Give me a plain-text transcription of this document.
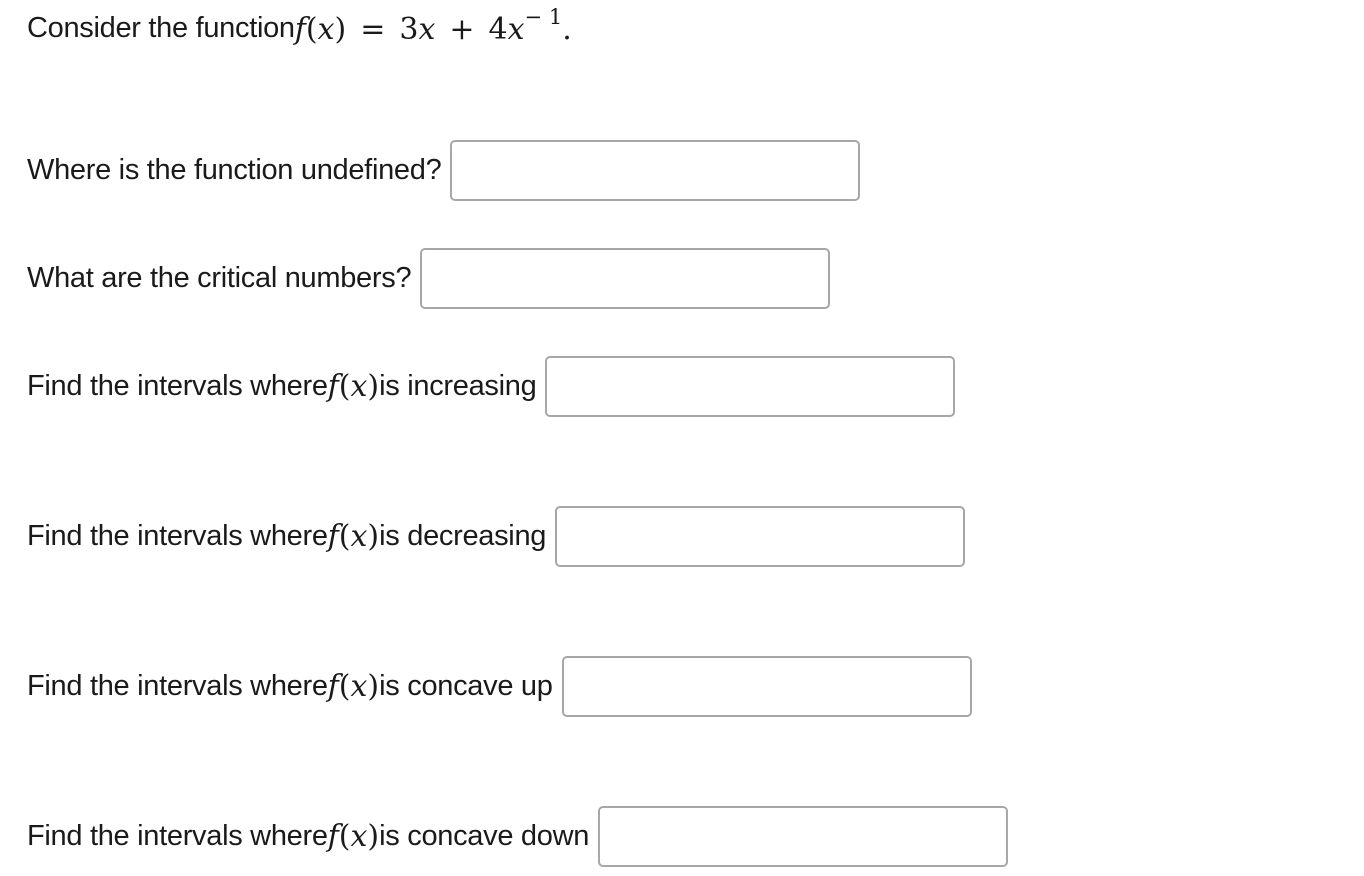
Consider the function $f(x) = 3x + 4x^{- 1}$.
Where is the function undefined?
What are the critical numbers?
Find the intervals where f(x) is increasing
Find the intervals where f(x) is decreasing
Find the intervals where f(x) is concave up
Find the intervals where f(x) is concave down
